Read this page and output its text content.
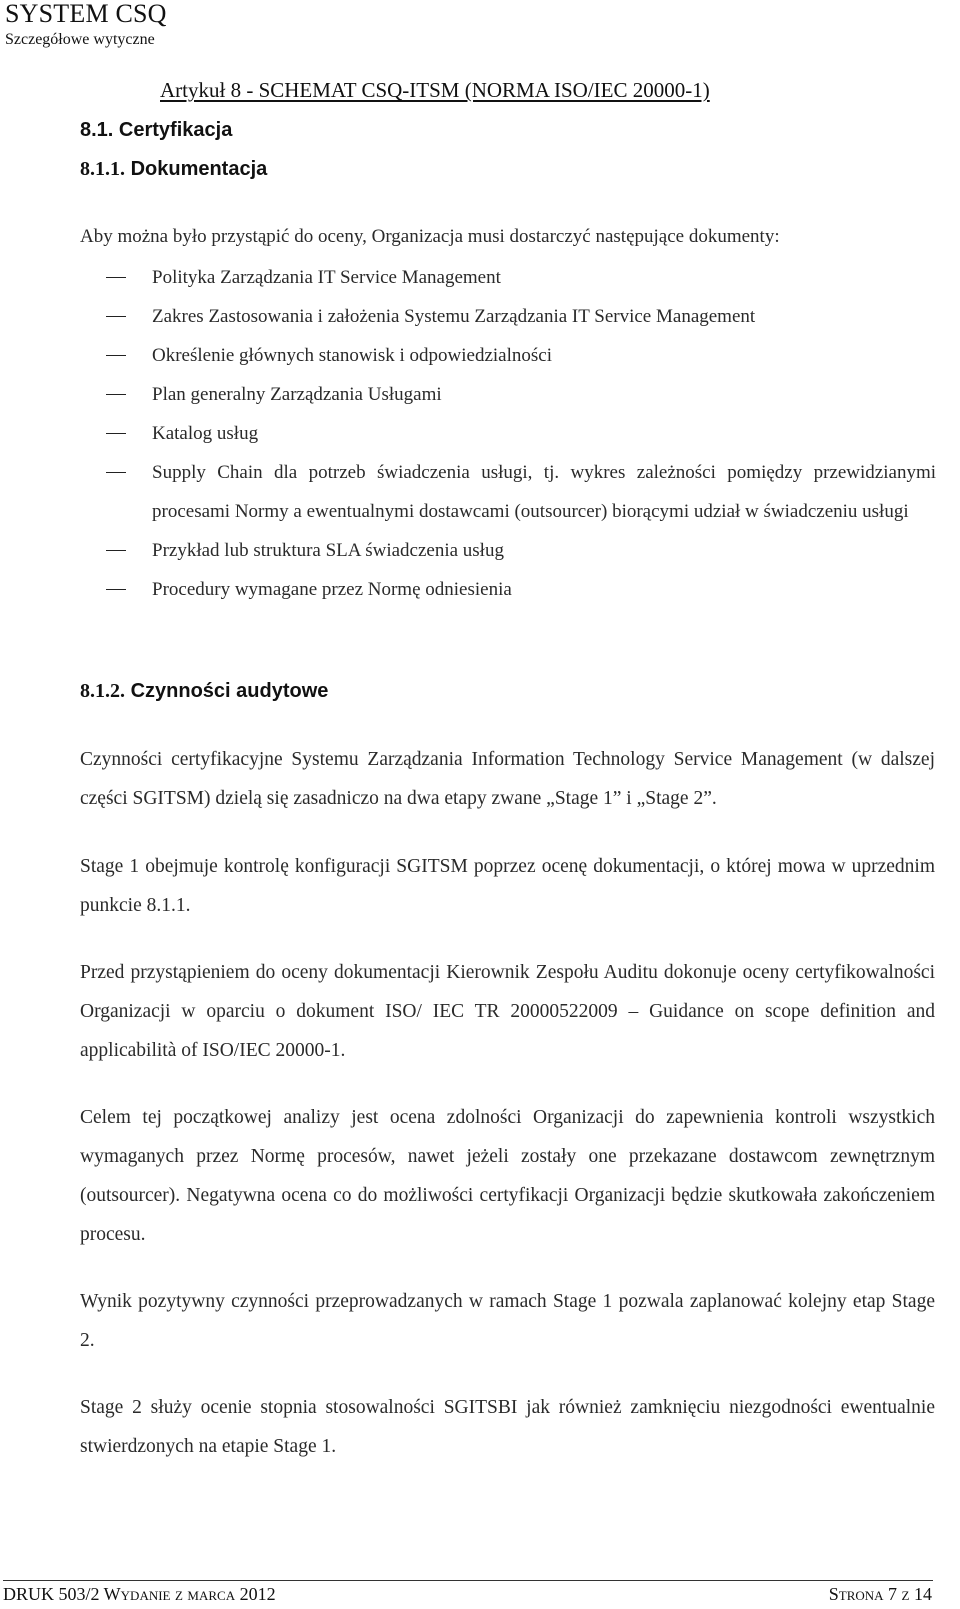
SYSTEM CSQ
Szczegółowe wytyczne
Artykuł 8 - SCHEMAT CSQ-ITSM (NORMA ISO/IEC 20000-1)
8.1. Certyfikacja
8.1.1. Dokumentacja
Aby można było przystąpić do oceny, Organizacja musi dostarczyć następujące dokumenty:
Polityka Zarządzania IT Service Management
Zakres Zastosowania i założenia Systemu Zarządzania IT Service Management
Określenie głównych stanowisk i odpowiedzialności
Plan generalny Zarządzania Usługami
Katalog usług
Supply Chain dla potrzeb świadczenia usługi, tj. wykres zależności pomiędzy przewidzianymi procesami Normy a ewentualnymi dostawcami (outsourcer) biorącymi udział w świadczeniu usługi
Przykład lub struktura SLA świadczenia usług
Procedury wymagane przez Normę odniesienia
8.1.2. Czynności audytowe

Czynności certyfikacyjne Systemu Zarządzania Information Technology Service Management (w dalszej części SGITSM) dzielą się zasadniczo na dwa etapy zwane „Stage 1” i „Stage 2”.

Stage 1 obejmuje kontrolę konfiguracji SGITSM poprzez ocenę dokumentacji, o której mowa w uprzednim punkcie 8.1.1.

Przed przystąpieniem do oceny dokumentacji Kierownik Zespołu Auditu dokonuje oceny certyfikowalności Organizacji w oparciu o dokument ISO/ IEC TR 20000522009 – Guidance on scope definition and applicabilità of ISO/IEC 20000-1.

Celem tej początkowej analizy jest ocena zdolności Organizacji do zapewnienia kontroli wszystkich wymaganych przez Normę procesów, nawet jeżeli zostały one przekazane dostawcom zewnętrznym (outsourcer). Negatywna ocena co do możliwości certyfikacji Organizacji będzie skutkowała zakończeniem procesu.

Wynik pozytywny czynności przeprowadzanych w ramach Stage 1 pozwala zaplanować kolejny etap Stage 2.

Stage 2 służy ocenie stopnia stosowalności SGITSBI jak również zamknięciu niezgodności ewentualnie stwierdzonych na etapie Stage 1.

DRUK 503/2 Wydanie z marca 2012	Strona 7 z 14
